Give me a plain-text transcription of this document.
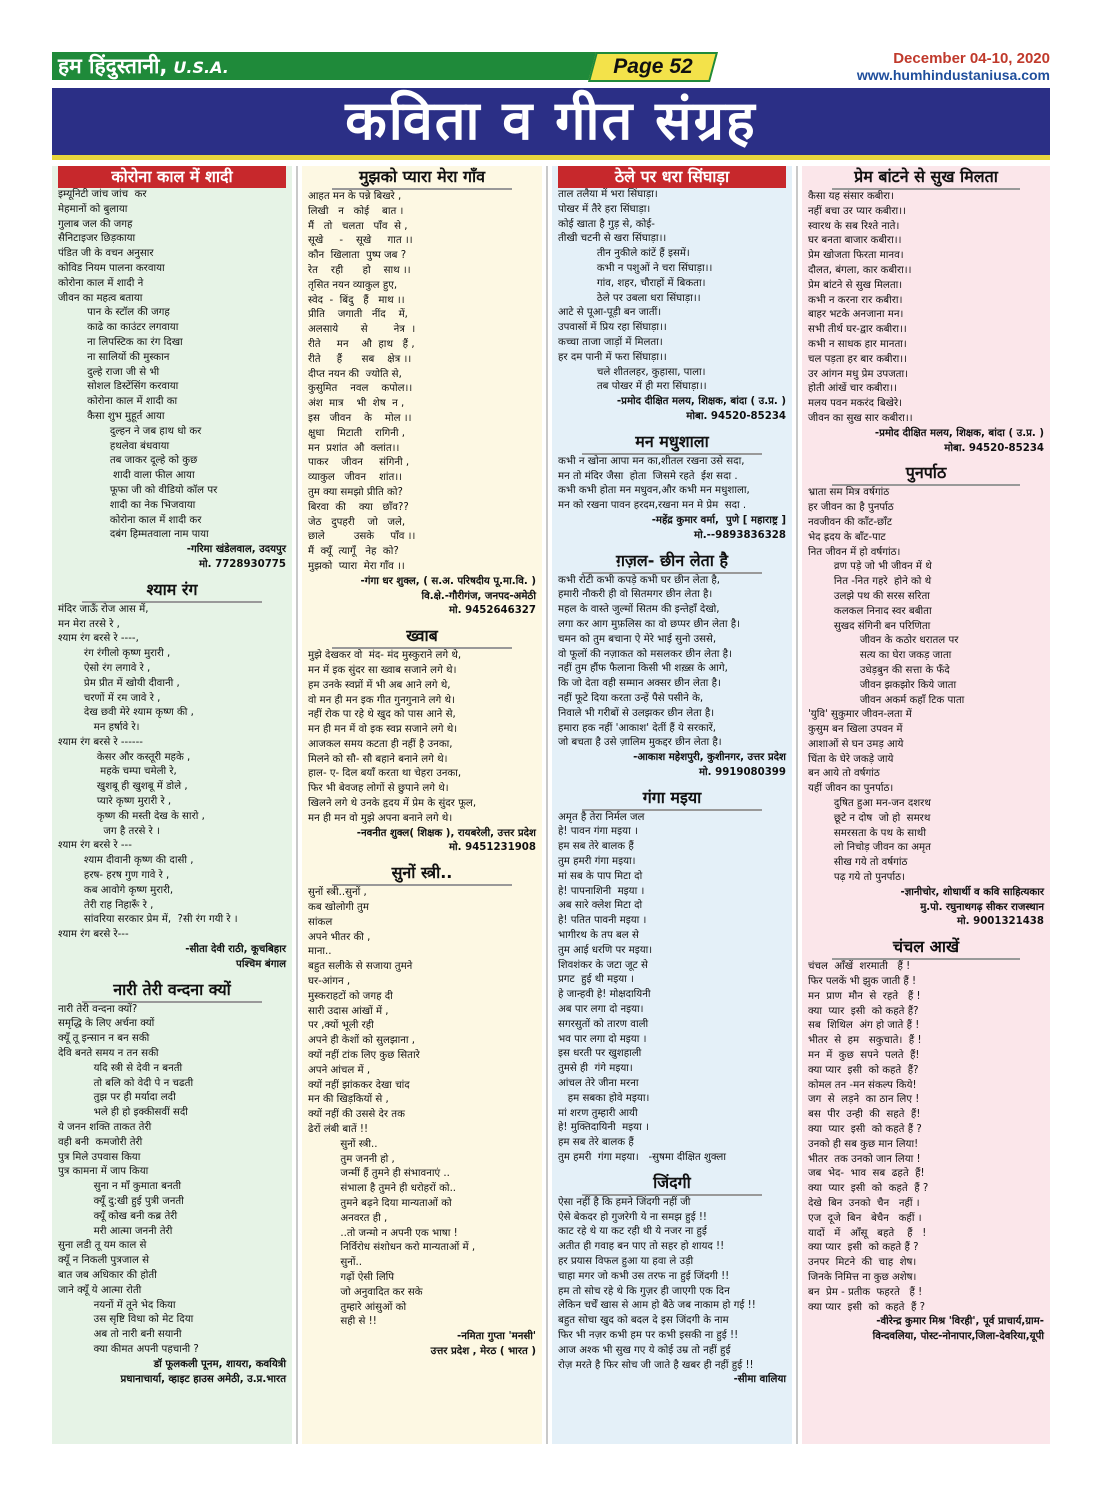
हम हिंदुस्तानी, U.S.A.	Page 52	December 04-10, 2020
www.humhindustaniusa.com
कविता व गीत संग्रह
कोरोना काल में शादी
इम्यूनिटी जांच जांच  कर
मेहमानों को बुलाया
गुलाब जल की जगह
सैनिटाइजर छिड़काया
पंडित जी के वचन अनुसार
कोविड नियम पालना करवाया
कोरोना काल में शादी ने
जीवन का महत्व बताया
पान के स्टॉल की जगह
काढे का काउंटर लगवाया
ना लिपस्टिक का रंग दिखा
ना सालियों की मुस्कान
दुल्हे राजा जी से भी
सोशल डिस्टेंसिंग करवाया
कोरोना काल में शादी का
कैसा शुभ मुहूर्त आया
दुल्हन ने जब हाथ धो कर
हथलेवा बंधवाया
तब जाकर दूल्हे को कुछ
शादी वाला फील आया
फूफा जी को वीडियो कॉल पर
शादी का नेक भिजवाया
कोरोना काल में शादी कर
दबंग हिम्मतवाला नाम पाया
-गरिमा खंडेलवाल, उदयपुर
मो. 7728930775
श्याम रंग
मंदिर जाऊँ रोज आस में,
मन मेरा तरसे रे ,
श्याम रंग बरसे रे ----,
रंग रंगीलो कृष्ण मुरारी ,
ऐसो रंग लगावे रे ,
प्रेम प्रीत में खोयी दीवानी ,
चरणों में रम जावे रे ,
देख छवी मेरे श्याम कृष्ण की ,
मन हर्षावे रे।
श्याम रंग बरसे रे ------
केसर और कस्तूरी महके ,
महके चम्पा चमेली रे,
खुशबू ही खुशबू में डोले ,
प्यारे कृष्ण मुरारी रे ,
कृष्ण की मस्ती देख के सारो ,
जग है तरसे रे ।
श्याम रंग बरसे रे ---
श्याम दीवानी कृष्ण की दासी ,
हरष- हरष गुण गावे रे ,
कब आवोगे कृष्ण मुरारी,
तेरी राह निहारूँ रे ,
सांवरिया सरकार प्रेम में,  ?सी रंग गयी रे ।
श्याम रंग बरसे रे---
-सीता देवी राठी, कूचबिहार
पश्चिम बंगाल
नारी तेरी वन्दना क्यों
नारी तेरी वन्दना क्यों?
समृद्धि के लिए अर्चना क्यों
क्यूँ तू इन्सान न बन सकी
देवि बनते समय न तन सकी
यदि स्त्री से देवी न बनती
तो बलि को वेदी पे न चढती
तुझ पर ही मर्यादा लदी
भले ही हो इक्कीसवीं सदी
ये जनन शक्ति ताकत तेरी
वही बनी  कमजोरी तेरी
पुत्र मिले उपवास किया
पुत्र कामना में जाप किया
सुना न माँ कुमाता बनती
क्यूँ दु:खी हुई पुत्री जनती
क्यूँ कोख बनी कब्र तेरी
मरी आत्मा जननी तेरी
सुना लडी तू यम काल से
क्यूँ न निकली पुत्रजाल से
बात जब अधिकार की होती
जाने क्यूँ ये आत्मा रोती
नयनों में तूने भेद किया
उस सृष्टि विधा को मेट दिया
अब तो नारी बनी सयानी
क्या कीमत अपनी पहचानी ?
डॉ फूलकली पूनम, शायरा, कवयित्री
प्रधानाचार्या, व्हाइट हाउस अमेठी, उ.प्र.भारत
मुझको प्यारा मेरा गाँव
आहत मन के पन्ने बिखरे ,
लिखी   न   कोई    बात ।
मैं   तो   चलता   पाँव  से ,
सूखे     -    सूखे     गात ।।
कौन  खिलाता  पुष्प जब ?
रेत    रही      हो    साथ ।।
तृसित नयन व्याकुल हुए,
स्वेद  -  बिंदु   हैं   माथ ।।
प्रीति    जगाती   नींद    में,
अलसाये       से        नेत्र  ।
रीते     मन    औ  हाथ   हैं ,
रीते     हैं      सब    क्षेत्र ।।
दीप्त नयन की  ज्योति से,
कुसुमित    नवल    कपोल।।
अंश  मात्र    भी  शेष  न ,
इस   जीवन    के    मोल ।।
क्षुधा    मिटाती    रागिनी ,
मन  प्रशांत  औ  क्लांत।।
पाकर    जीवन     संगिनी ,
व्याकुल   जीवन    शांत।।
तुम क्या समझो प्रीति को?
बिरवा  की    क्या   छाँव??
जेठ   दुपहरी    जो   जले,
छाले         उसके     पाँव ।।
मैं  क्यूँ  त्यागूँ   नेह  को?
मुझको  प्यारा  मेरा गाँव ।।
-गंगा धर शुक्ल, ( स.अ. परिषदीय पू.मा.वि. )
वि.क्षे.-गौरीगंज, जनपद-अमेठी
मो. 9452646327
ख्वाब
मुझे देखकर वो  मंद- मंद मुस्कुराने लगे थे,
मन में इक सुंदर सा ख्वाब सजाने लगे थे।
हम उनके स्वप्नों में भी अब आने लगे थे,
वो मन ही मन इक गीत गुनगुनाने लगे थे।
नहीं रोक पा रहे थे खुद को पास आने से,
मन ही मन में वो इक स्वप्न सजाने लगे थे।
आजकल समय कटता ही नहीं है उनका,
मिलने को सौ- सौ बहाने बनाने लगे थे।
हाल- ए- दिल बयाँ करता था चेहरा उनका,
फिर भी बेवजह लोगों से छुपाने लगे थे।
खिलने लगे थे उनके हृदय में प्रेम के सुंदर फूल,
मन ही मन वो मुझे अपना बनाने लगे थे।
-नवनीत शुक्ल( शिक्षक ), रायबरेली, उत्तर प्रदेश
मो. 9451231908
सुनों स्त्री..
सुनों स्त्री..सुनों ,
कब खोलोगी तुम
सांकल
अपने भीतर की ,
माना..
बहुत सलीके से सजाया तुमने
घर-आंगन ,
मुस्कराहटों को जगह दी
सारी उदास आंखों में ,
पर ,क्यों भूली रही
अपने ही केशों को सुलझाना ,
क्यों नहीं टांक लिए कुछ सितारे
अपने आंचल में ,
क्यों नहीं झांककर देखा चांद
मन की खिड़कियों से ,
क्यों नहीं की उससे देर तक
ढेरों लंबी बातें !!
सुनों स्त्री..
तुम जननी हो ,
जन्मीं हैं तुमने ही संभावनाएं ..
संभाला है तुमने ही धरोहरों को..
तुमने बढ़ने दिया मान्यताओं को
अनवरत ही ,
..तो जन्मो न अपनी एक भाषा !
निर्विरोध संशोधन करो मान्यताओं में ,
सुनों..
गढ़ों ऐसी लिपि
जो अनुवादित कर सके
तुम्हारे आंसुओं को
सही से !!
-नमिता गुप्ता 'मनसी'
उत्तर प्रदेश , मेरठ ( भारत )
ठेले पर धरा सिंघाड़ा
ताल तलैया में भरा सिंघाड़ा।
पोखर में तैरे हरा सिंघाड़ा।
कोई खाता है गुड़ से, कोई-
तीखी चटनी से खरा सिंघाड़ा।।
तीन नुकीले कांटें हैं इसमें।
कभी न पशुओं ने चरा सिंघाड़ा।।
गांव, शहर, चौराहों में बिकता।
ठेले पर उबला धरा सिंघाड़ा।।
आटे से पूआ-पूड़ी बन जातीं।
उपवासों में प्रिय रहा सिंघाड़ा।।
कच्चा ताजा जाड़ों में मिलता।
हर दम पानी में फरा सिंघाड़ा।।
चले शीतलहर, कुहासा, पाला।
तब पोखर में ही मरा सिंघाड़ा।।
-प्रमोद दीक्षित मलय, शिक्षक, बांदा ( उ.प्र. )
मोबा. 94520-85234
मन मधुशाला
कभी न खोना आपा मन का,शीतल रखना उसे सदा,
मन तो मंदिर जैसा  होता  जिसमे रहते  ईश सदा .
कभी कभी होता मन मधुवन,और कभी मन मधुशाला,
मन को रखना पावन हरदम,रखना मन मे प्रेम  सदा .
-महेंद्र कुमार वर्मा,  पुणे [ महाराष्ट्र ]
मो.--9893836328
ग़ज़ल- छीन लेता है
कभी रोटी कभी कपड़े कभी घर छीन लेता है,
हमारी नौकरी ही वो सितमगर छीन लेता है।
महल के वास्ते जुल्मों सितम की इन्तेहाँ देखो,
लगा कर आग मुफ़लिस का वो छप्पर छीन लेता है।
चमन को तुम बचाना ऐ मेरे भाई सुनो उससे,
वो फूलों की नज़ाकत को मसलकर छीन लेता है।
नहीं तुम हौंफ फैलाना किसी भी शख़्स के आगे,
कि जो देता वही सम्मान अक्सर छीन लेता है।
नहीं फूटे दिया करता उन्हें पैसे पसीने के,
निवाले भी गरीबों से उलझकर छीन लेता है।
हमारा हक नहीं 'आकाश' देतीं हैं ये सरकारें,
जो बचता है उसे ज़ालिम मुकद्दर छीन लेता है।
-आकाश महेशपुरी, कुशीनगर, उत्तर प्रदेश
मो. 9919080399
गंगा मइया
अमृत है तेरा निर्मल जल
हे! पावन गंगा मइया ।
हम सब तेरे बालक हैं
तुम हमरी गंगा मइया।
मां सब के पाप मिटा दो
हे! पापनाशिनी  मइया ।
अब सारे क्लेश मिटा दो
हे! पतित पावनी मइया ।
भागीरथ के तप बल से
तुम आई धरणि पर मइया।
शिवशंकर के जटा जूट से
प्रगट  हुई थी मइया ।
हे जान्हवी हे! मोक्षदायिनी
अब पार लगा दो नइया।
सगरसुतों को तारण वाली
भव पार लगा दो मइया ।
इस धरती पर खुशहाली
तुमसे ही  गंगे मइया।
आंचल तेरे जीना मरना
हम सबका होवे मइया।
मां शरण तुम्हारी आयी
हे! मुक्तिदायिनी  मइया ।
हम सब तेरे बालक हैं
तुम हमरी  गंगा मइया।   -सुषमा दीक्षित शुक्ला
जिंदगी
ऐसा नहीं है कि हमने जिंदगी नहीं जी
ऐसे बेकदर हो गुजरेगी ये ना समझ हुई !!
काट रहे थे या कट रही थी ये नजर ना हुई
अतीत ही गवाह बन पाए तो सहर हो शायद !!
हर प्रयास विफल हुआ या हवा ले उड़ी
चाहा मगर जो कभी उस तरफ ना हुई जिंदगी !!
हम तो सोच रहे थे कि गुज़र ही जाएगी एक दिन
लेकिन चर्चें खास से आम हो बैठे जब नाकाम हो गई !!
बहुत सोचा खुद को बदल दे इस जिंदगी के नाम
फिर भी नज़र कभी हम पर कभी इसकी ना हुई !!
आज अश्क भी सुख गए ये कोई उम्र तो नहीं हुई
रोज़ मरते है फिर सोच जी जाते है खबर ही नहीं हुई !!
-सीमा वालिया
प्रेम बांटने से सुख मिलता
कैसा यह संसार कबीरा।
नहीं बचा उर प्यार कबीरा।।
स्वारथ के सब रिश्ते नाते।
घर बनता बाजार कबीरा।।
प्रेम खोजता फिरता मानव।
दौलत, बंगला, कार कबीरा।।
प्रेम बांटने से सुख मिलता।
कभी न करना रार कबीरा।
बाहर भटके अनजाना मन।
सभी तीर्थ घर-द्वार कबीरा।।
कभी न साधक हार मानता।
चल पड़ता हर बार कबीरा।।
उर आंगन मधु प्रेम उपजता।
होती आंखें चार कबीरा।।
मलय पवन मकरंद बिखेरे।
जीवन का सुख सार कबीरा।।
-प्रमोद दीक्षित मलय, शिक्षक, बांदा ( उ.प्र. )
मोबा. 94520-85234
पुनर्पाठ
भ्राता सम मित्र वर्षगांठ
हर जीवन का है पुनर्पाठ
नवजीवन की काँट-छाँट
भेद ह्रदय के बाँट-पाट
नित जीवन में हो वर्षगांठ।
व्रण पड़े जो भी जीवन में थे
नित -नित गहरे  होने को थे
उलझे पथ की सरस सरिता
कलकल निनाद स्वर बबीता
सुखद संगिनी बन परिणिता
जीवन के कठोर धरातल पर
सत्य का घेरा जकड़ जाता
उधेड़बुन की सत्ता के फँदे
जीवन झकझोर किये जाता
जीवन अकर्म कहाँ टिक पाता
'युवि' सुकुमार जीवन-लता में
कुसुम बन खिला उपवन में
आशाओं से घन उमड़ आये
चिंता के घेरे जकड़े जाये
बन आये तो वर्षगांठ
यहीं जीवन का पुनर्पाठ।
दुषित हुआ मन-जन दशरथ
छूटे न दोष  जो हो  समरथ
समरसता के पथ के साथी
लो निचोड़ जीवन का अमृत
सीख गये तो वर्षगांठ
पढ़ गये तो पुनर्पाठ।
-ज्ञानीचोर, शोधार्थी व कवि साहित्यकार
मु.पो. रघुनाथगढ़ सीकर राजस्थान
मो. 9001321438
चंचल आखें
चंचल  आँखें  शरमाती   हैं !
फिर पलकें भी झुक जाती हैं !
मन  प्राण  मौन  से  रहते   हैं !
क्या  प्यार  इसी  को कहते हैं?
सब  शिथिल  अंग हो जाते हैं !
भीतर  से  हम   सकुचाते।  हैं !
मन  में  कुछ  सपने  पलते  हैं!
क्या प्यार  इसी  को कहते  हैं?
कोमल तन -मन संकल्प किये!
जग  से  लड़ने  का ठान लिए !
बस  पीर  उन्ही  की  सहते  हैं!
क्या  प्यार  इसी  को कहते हैं ?
उनको ही सब कुछ मान लिया!
भीतर  तक उनको जान लिया !
जब  भेद-  भाव  सब  ढहते  हैं!
क्या  प्यार  इसी  को  कहते  हैं ?
देखे  बिन  उनको  चैन   नहीं ।
एज  दूजे  बिन   बेचैन   कहीं ।
यादों   में   आँसू   बहते    हैं   !
क्या प्यार  इसी  को कहते हैं ?
उनपर  मिटने  की  चाह  शेष।
जिनके निमित्त ना कुछ अशेष।
बन  प्रेम - प्रतीक  फहरते   हैं !
क्या प्यार  इसी  को  कहते  हैं ?
-वीरेन्द्र कुमार मिश्र 'विरही', पूर्व प्राचार्य,ग्राम-
विन्दवलिया, पोस्ट-नोनापार,जिला-देवरिया,यूपी
